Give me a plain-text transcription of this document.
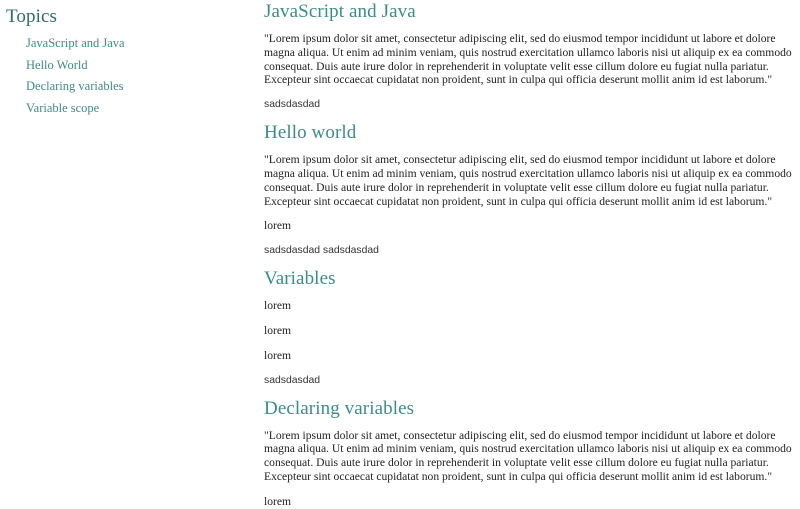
Topics
JavaScript and Java
Hello World
Declaring variables
Variable scope
JavaScript and Java

"Lorem ipsum dolor sit amet, consectetur adipiscing elit, sed do eiusmod tempor incididunt ut labore et dolore magna aliqua. Ut enim ad minim veniam, quis nostrud exercitation ullamco laboris nisi ut aliquip ex ea commodo consequat. Duis aute irure dolor in reprehenderit in voluptate velit esse cillum dolore eu fugiat nulla pariatur. Excepteur sint occaecat cupidatat non proident, sunt in culpa qui officia deserunt mollit anim id est laborum."

sadsdasdad

Hello world

"Lorem ipsum dolor sit amet, consectetur adipiscing elit, sed do eiusmod tempor incididunt ut labore et dolore magna aliqua. Ut enim ad minim veniam, quis nostrud exercitation ullamco laboris nisi ut aliquip ex ea commodo consequat. Duis aute irure dolor in reprehenderit in voluptate velit esse cillum dolore eu fugiat nulla pariatur. Excepteur sint occaecat cupidatat non proident, sunt in culpa qui officia deserunt mollit anim id est laborum."

lorem

sadsdasdad sadsdasdad

Variables

lorem

lorem

lorem

sadsdasdad

Declaring variables

"Lorem ipsum dolor sit amet, consectetur adipiscing elit, sed do eiusmod tempor incididunt ut labore et dolore magna aliqua. Ut enim ad minim veniam, quis nostrud exercitation ullamco laboris nisi ut aliquip ex ea commodo consequat. Duis aute irure dolor in reprehenderit in voluptate velit esse cillum dolore eu fugiat nulla pariatur. Excepteur sint occaecat cupidatat non proident, sunt in culpa qui officia deserunt mollit anim id est laborum."

lorem
